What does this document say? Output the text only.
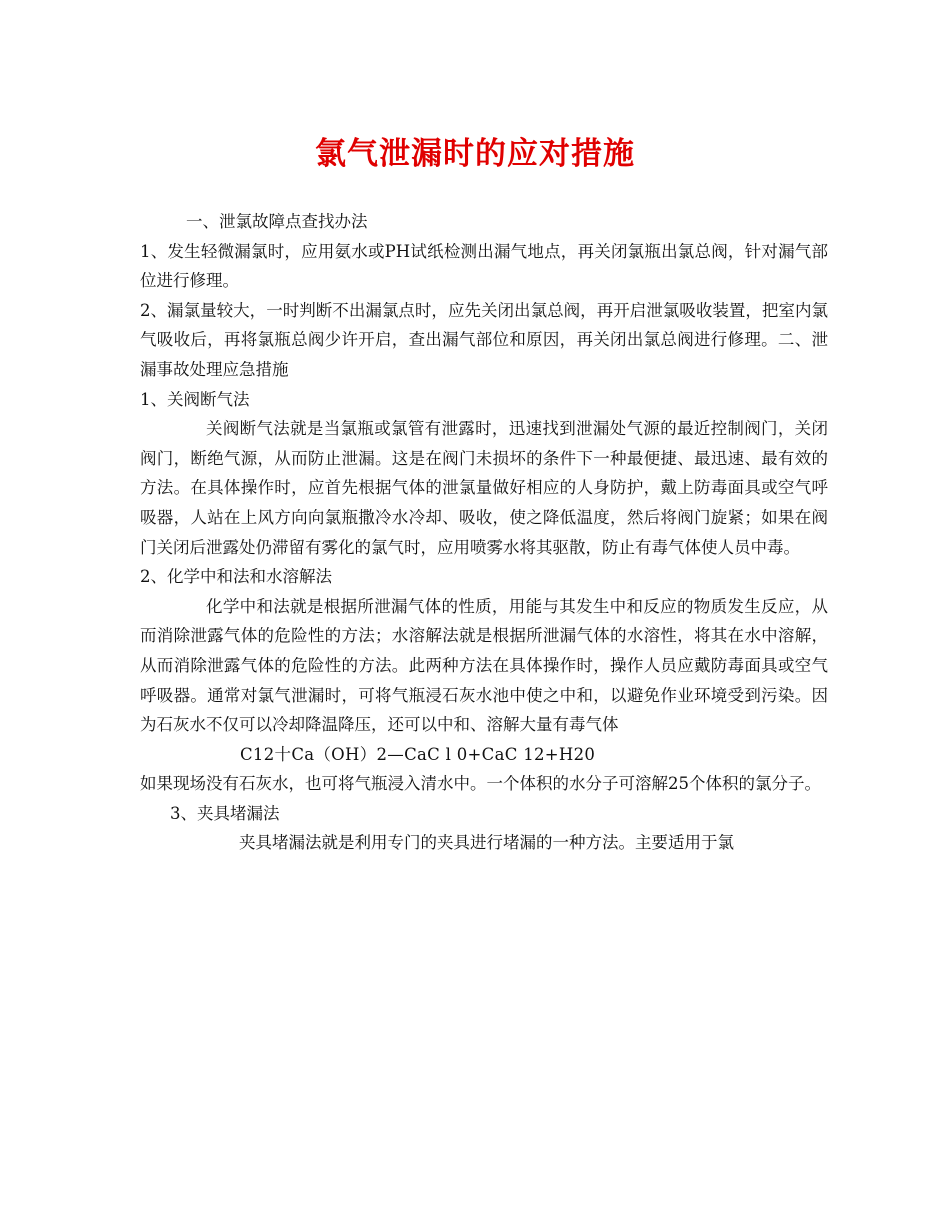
氯气泄漏时的应对措施

一、泄氯故障点查找办法

1、发生轻微漏氯时，应用氨水或PH试纸检测出漏气地点，再关闭氯瓶出氯总阀，针对漏气部位进行修理。

2、漏氯量较大，一时判断不出漏氯点时，应先关闭出氯总阀，再开启泄氯吸收装置，把室内氯气吸收后，再将氯瓶总阀少许开启，查出漏气部位和原因，再关闭出氯总阀进行修理。二、泄漏事故处理应急措施

1、关阀断气法

关阀断气法就是当氯瓶或氯管有泄露时，迅速找到泄漏处气源的最近控制阀门，关闭阀门，断绝气源，从而防止泄漏。这是在阀门未损坏的条件下一种最便捷、最迅速、最有效的方法。在具体操作时，应首先根据气体的泄氯量做好相应的人身防护，戴上防毒面具或空气呼吸器，人站在上风方向向氯瓶撒冷水冷却、吸收，使之降低温度，然后将阀门旋紧；如果在阀门关闭后泄露处仍滞留有雾化的氯气时，应用喷雾水将其驱散，防止有毒气体使人员中毒。

2、化学中和法和水溶解法

化学中和法就是根据所泄漏气体的性质，用能与其发生中和反应的物质发生反应，从而消除泄露气体的危险性的方法；水溶解法就是根据所泄漏气体的水溶性，将其在水中溶解，从而消除泄露气体的危险性的方法。此两种方法在具体操作时，操作人员应戴防毒面具或空气呼吸器。通常对氯气泄漏时，可将气瓶浸石灰水池中使之中和，以避免作业环境受到污染。因为石灰水不仅可以冷却降温降压，还可以中和、溶解大量有毒气体

C12十Ca（OH）2—CaC l 0+CaC 12+H20

如果现场没有石灰水，也可将气瓶浸入清水中。一个体积的水分子可溶解25个体积的氯分子。

3、夹具堵漏法

夹具堵漏法就是利用专门的夹具进行堵漏的一种方法。主要适用于氯
